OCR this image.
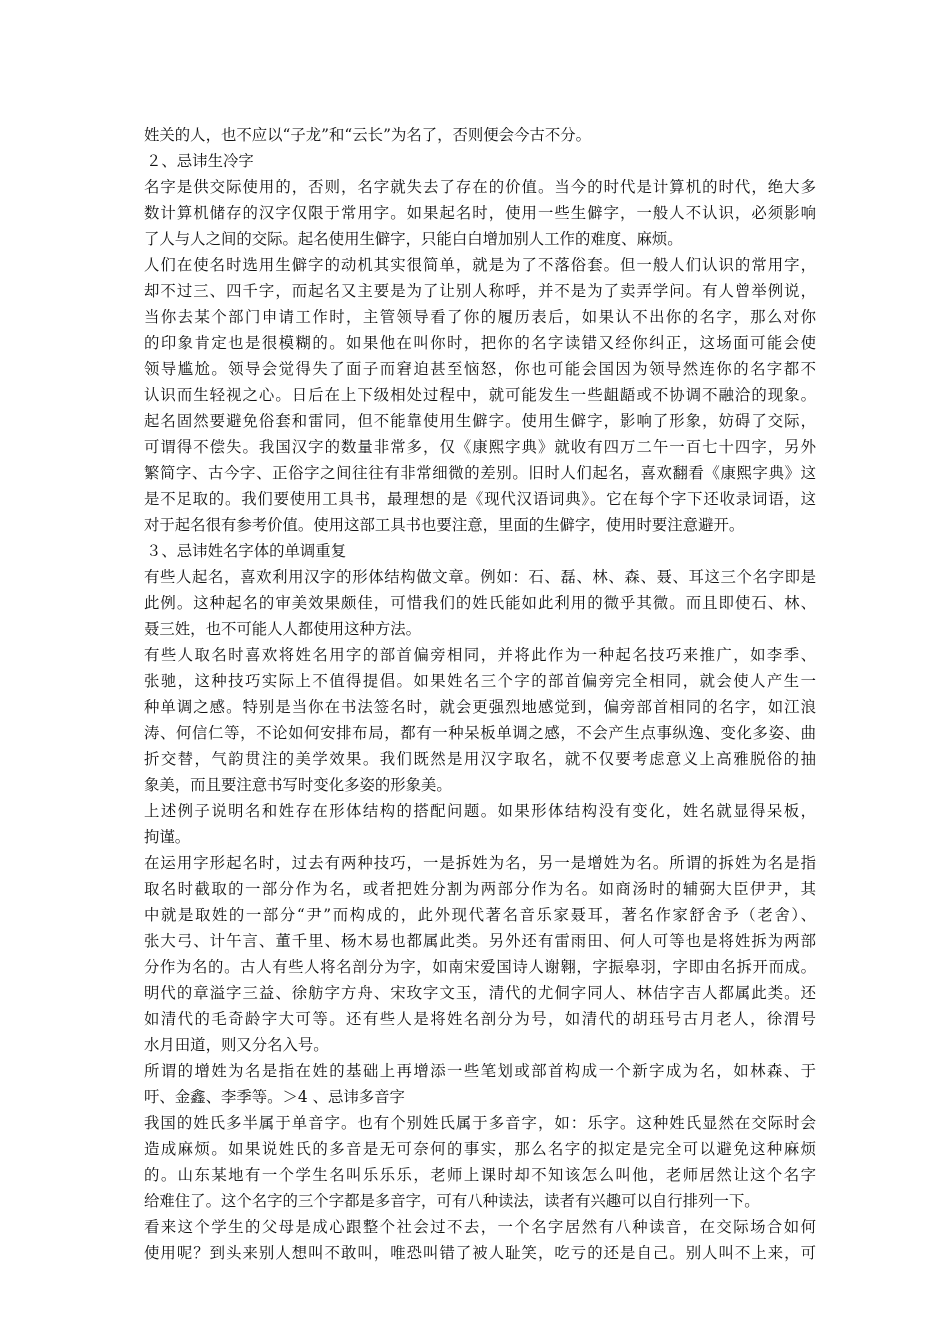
姓关的人，也不应以“子龙”和“云长”为名了，否则便会今古不分。
２、忌讳生冷字
名字是供交际使用的，否则，名字就失去了存在的价值。当今的时代是计算机的时代，绝大多
数计算机储存的汉字仅限于常用字。如果起名时，使用一些生僻字，一般人不认识，必须影响
了人与人之间的交际。起名使用生僻字，只能白白增加别人工作的难度、麻烦。
人们在使名时选用生僻字的动机其实很简单，就是为了不落俗套。但一般人们认识的常用字，
却不过三、四千字，而起名又主要是为了让别人称呼，并不是为了卖弄学问。有人曾举例说，
当你去某个部门申请工作时，主管领导看了你的履历表后，如果认不出你的名字，那么对你
的印象肯定也是很模糊的。如果他在叫你时，把你的名字读错又经你纠正，这场面可能会使
领导尴尬。领导会觉得失了面子而窘迫甚至恼怒，你也可能会国因为领导然连你的名字都不
认识而生轻视之心。日后在上下级相处过程中，就可能发生一些龃龉或不协调不融洽的现象。
起名固然要避免俗套和雷同，但不能靠使用生僻字。使用生僻字，影响了形象，妨碍了交际，
可谓得不偿失。我国汉字的数量非常多，仅《康熙字典》就收有四万二午一百七十四字，另外
繁简字、古今字、正俗字之间往往有非常细微的差别。旧时人们起名，喜欢翻看《康熙字典》这
是不足取的。我们要使用工具书，最理想的是《现代汉语词典》。它在每个字下还收录词语，这
对于起名很有参考价值。使用这部工具书也要注意，里面的生僻字，使用时要注意避开。
３、忌讳姓名字体的单调重复
有些人起名，喜欢利用汉字的形体结构做文章。例如：石、磊、林、森、聂、耳这三个名字即是
此例。这种起名的审美效果颇佳，可惜我们的姓氏能如此利用的微乎其微。而且即使石、林、
聂三姓，也不可能人人都使用这种方法。
有些人取名时喜欢将姓名用字的部首偏旁相同，并将此作为一种起名技巧来推广，如李季、
张驰，这种技巧实际上不值得提倡。如果姓名三个字的部首偏旁完全相同，就会使人产生一
种单调之感。特别是当你在书法签名时，就会更强烈地感觉到，偏旁部首相同的名字，如江浪
涛、何信仁等，不论如何安排布局，都有一种呆板单调之感，不会产生点事纵逸、变化多姿、曲
折交替，气韵贯注的美学效果。我们既然是用汉字取名，就不仅要考虑意义上高雅脱俗的抽
象美，而且要注意书写时变化多姿的形象美。
上述例子说明名和姓存在形体结构的搭配问题。如果形体结构没有变化，姓名就显得呆板，
拘谨。
在运用字形起名时，过去有两种技巧，一是拆姓为名，另一是增姓为名。所谓的拆姓为名是指
取名时截取的一部分作为名，或者把姓分割为两部分作为名。如商汤时的辅弼大臣伊尹，其
中就是取姓的一部分“尹”而构成的，此外现代著名音乐家聂耳，著名作家舒舍予（老舍）、
张大弓、计午言、董千里、杨木易也都属此类。另外还有雷雨田、何人可等也是将姓拆为两部
分作为名的。古人有些人将名剖分为字，如南宋爱国诗人谢翱，字振皋羽，字即由名拆开而成。
明代的章溢字三益、徐舫字方舟、宋玫字文玉，清代的尤侗字同人、林佶字吉人都属此类。还
如清代的毛奇龄字大可等。还有些人是将姓名剖分为号，如清代的胡珏号古月老人，徐渭号
水月田道，则又分名入号。
所谓的增姓为名是指在姓的基础上再增添一些笔划或部首构成一个新字成为名，如林森、于
吁、金鑫、李季等。＞4 、忌讳多音字
我国的姓氏多半属于单音字。也有个别姓氏属于多音字，如：乐字。这种姓氏显然在交际时会
造成麻烦。如果说姓氏的多音是无可奈何的事实，那么名字的拟定是完全可以避免这种麻烦
的。山东某地有一个学生名叫乐乐乐，老师上课时却不知该怎么叫他，老师居然让这个名字
给难住了。这个名字的三个字都是多音字，可有八种读法，读者有兴趣可以自行排列一下。
看来这个学生的父母是成心跟整个社会过不去，一个名字居然有八种读音，在交际场合如何
使用呢？到头来别人想叫不敢叫，唯恐叫错了被人耻笑，吃亏的还是自己。别人叫不上来，可
